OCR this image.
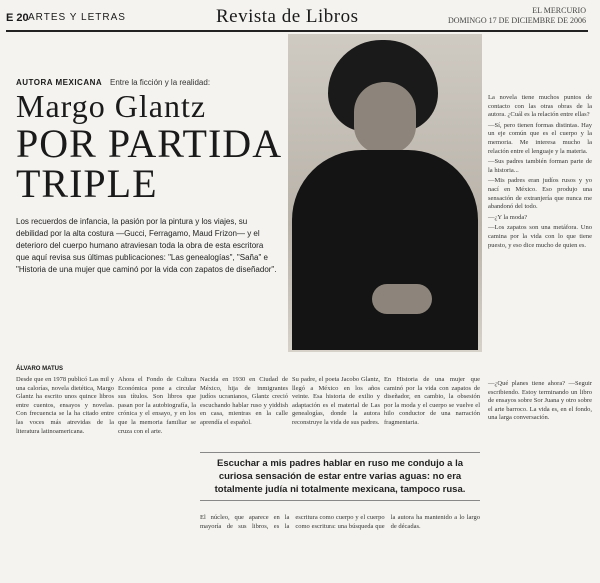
E 20 ARTES Y LETRAS	Revista de Libros	EL MERCURIO
DOMINGO 17 DE DICIEMBRE DE 2006
AUTORA MEXICANA Entre la ficción y la realidad:
Margo Glantz
POR PARTIDA
TRIPLE
Los recuerdos de infancia, la pasión por la pintura y los viajes, su debilidad por la alta costura —Gucci, Ferragamo, Maud Frizon— y el deterioro del cuerpo humano atraviesan toda la obra de esta escritora que aquí revisa sus últimas publicaciones: "Las genealogías", "Saña" e "Historia de una mujer que caminó por la vida con zapatos de diseñador".

La novela tiene muchos puntos de contacto con las otras obras de la autora. ¿Cuál es la relación entre ellas?

—Sí, pero tienen formas distintas. Hay un eje común que es el cuerpo y la memoria. Me interesa mucho la relación entre el lenguaje y la materia.

—Sus padres también forman parte de la historia...

—Mis padres eran judíos rusos y yo nací en México. Eso produjo una sensación de extranjería que nunca me abandonó del todo.

—¿Y la moda?

—Los zapatos son una metáfora. Uno camina por la vida con lo que tiene puesto, y eso dice mucho de quien es.

ÁLVARO MATUS
Desde que en 1978 publicó Las mil y una calorías, novela dietética, Margo Glantz ha escrito unos quince libros entre cuentos, ensayos y novelas. Con frecuencia se la ha citado entre las voces más atrevidas de la literatura latinoamericana.
Ahora el Fondo de Cultura Económica pone a circular sus títulos. Son libros que pasan por la autobiografía, la crónica y el ensayo, y en los que la memoria familiar se cruza con el arte.
Nacida en 1930 en Ciudad de México, hija de inmigrantes judíos ucranianos, Glantz creció escuchando hablar ruso y yiddish en casa, mientras en la calle aprendía el español.
Su padre, el poeta Jacobo Glantz, llegó a México en los años veinte. Esa historia de exilio y adaptación es el material de Las genealogías, donde la autora reconstruye la vida de sus padres.
En Historia de una mujer que caminó por la vida con zapatos de diseñador, en cambio, la obsesión por la moda y el cuerpo se vuelve el hilo conductor de una narración fragmentaria.
Escuchar a mis padres hablar en ruso me condujo a la curiosa sensación de estar entre varias aguas: no era totalmente judía ni totalmente mexicana, tampoco rusa.
El núcleo, que aparece en la mayoría de sus libros, es la escritura como cuerpo y el cuerpo como escritura: una búsqueda que la autora ha mantenido a lo largo de décadas.
—¿Qué planes tiene ahora? —Seguir escribiendo. Estoy terminando un libro de ensayos sobre Sor Juana y otro sobre el arte barroco. La vida es, en el fondo, una larga conversación.
